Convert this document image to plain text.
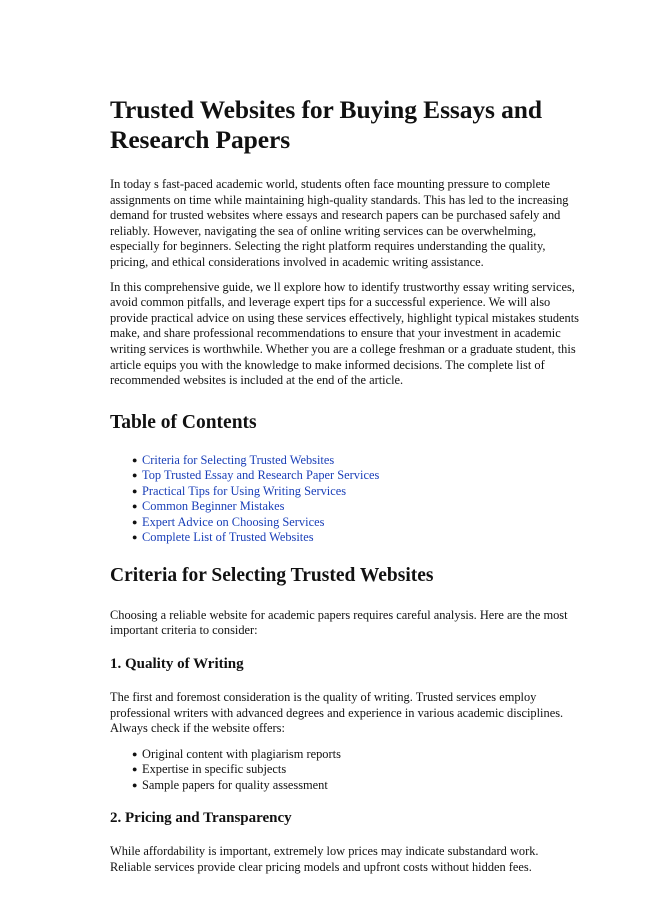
Trusted Websites for Buying Essays and Research Papers

In today s fast-paced academic world, students often face mounting pressure to complete assignments on time while maintaining high-quality standards. This has led to the increasing demand for trusted websites where essays and research papers can be purchased safely and reliably. However, navigating the sea of online writing services can be overwhelming, especially for beginners. Selecting the right platform requires understanding the quality, pricing, and ethical considerations involved in academic writing assistance.

In this comprehensive guide, we ll explore how to identify trustworthy essay writing services, avoid common pitfalls, and leverage expert tips for a successful experience. We will also provide practical advice on using these services effectively, highlight typical mistakes students make, and share professional recommendations to ensure that your investment in academic writing services is worthwhile. Whether you are a college freshman or a graduate student, this article equips you with the knowledge to make informed decisions. The complete list of recommended websites is included at the end of the article.

Table of Contents
● Criteria for Selecting Trusted Websites
● Top Trusted Essay and Research Paper Services
● Practical Tips for Using Writing Services
● Common Beginner Mistakes
● Expert Advice on Choosing Services
● Complete List of Trusted Websites
Criteria for Selecting Trusted Websites

Choosing a reliable website for academic papers requires careful analysis. Here are the most important criteria to consider:

1. Quality of Writing

The first and foremost consideration is the quality of writing. Trusted services employ professional writers with advanced degrees and experience in various academic disciplines. Always check if the website offers:

● Original content with plagiarism reports
● Expertise in specific subjects
● Sample papers for quality assessment
2. Pricing and Transparency

While affordability is important, extremely low prices may indicate substandard work. Reliable services provide clear pricing models and upfront costs without hidden fees.
